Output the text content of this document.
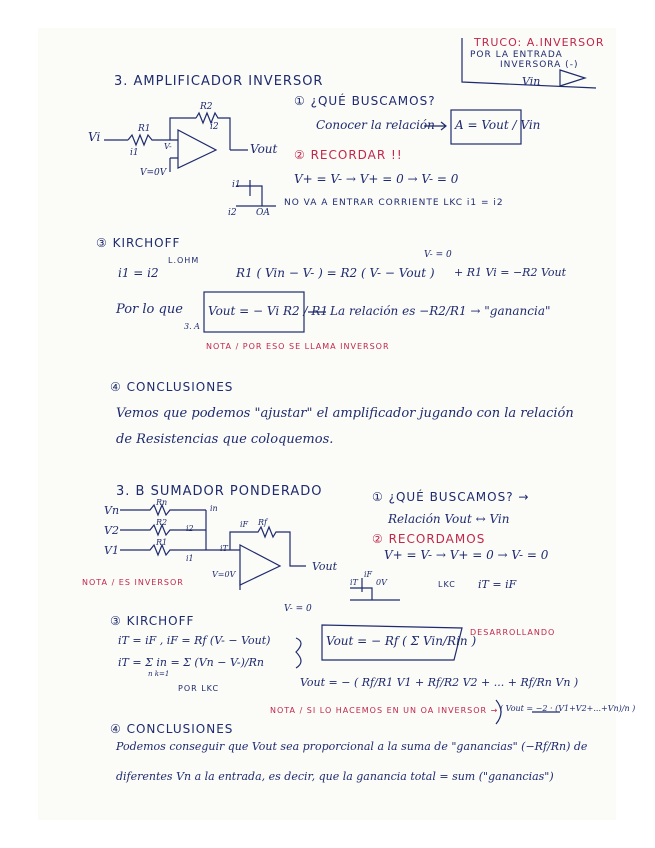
TRUCO: A.INVERSOR
POR LA ENTRADA
INVERSORA (-)
Vin
3. AMPLIFICADOR INVERSOR
Vi
R1
R2
i1
i2
V-	Vout
V=0V
① ¿QUÉ BUSCAMOS?
Conocer la relación A = Vout / Vin
② RECORDAR !!
V+ = V- → V+ = 0 → V- = 0
i1
OA
i2
NO VA A ENTRAR CORRIENTE LKC i1 = i2
③ KIRCHOFF
V- = 0
i1 = i2
L.OHM
R1 ( Vin − V- ) = R2 ( V- − Vout ) + R1 Vi = −R2 Vout
Por lo que Vout = − Vi R2 / R1
3. A
La relación es −R2/R1 → "ganancia"
NOTA / POR ESO SE LLAMA INVERSOR
④ CONCLUSIONES
Vemos que podemos "ajustar" el amplificador jugando con la relación
de Resistencias que coloquemos.
3. B SUMADOR PONDERADO
Vn
V2
V1
Rn
R2
R1
in
i2
i1
iF Rf
iT
V=0V
Vout
NOTA / ES INVERSOR
① ¿QUÉ BUSCAMOS? →
Relación Vout ↔ Vin
② RECORDAMOS
V+ = V- → V+ = 0 → V- = 0
iF
iT 0V	LKC iT = iF
V- = 0
③ KIRCHOFF
iT = iF , iF = Rf (V- − Vout)
iT = Σ in = Σ (Vn − V-)/Rn
n k=1
POR LKC
Vout = − Rf ( Σ Vin/Rin )
DESARROLLANDO
Vout = − ( Rf/R1 V1 + Rf/R2 V2 + ... + Rf/Rn Vn )
NOTA / SI LO HACEMOS EN UN OA INVERSOR → ( Vout = −2 · (V1+V2+...+Vn)/n )
④ CONCLUSIONES
Podemos conseguir que Vout sea proporcional a la suma de "ganancias" (−Rf/Rn) de
diferentes Vn a la entrada, es decir, que la ganancia total = sum ("ganancias")
